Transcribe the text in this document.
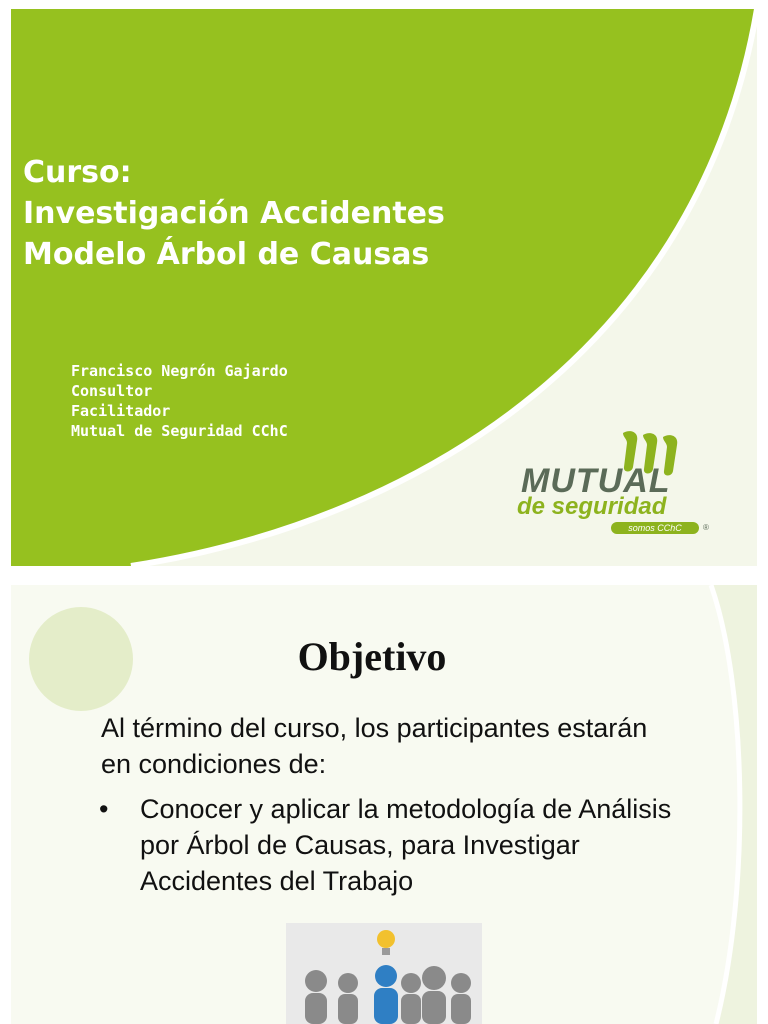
Curso:
Investigación Accidentes
Modelo Árbol de Causas
Francisco Negrón Gajardo
Consultor
Facilitador
Mutual de Seguridad CChC
MUTUAL
de seguridad
somos CChC	®
Objetivo
Al término del curso, los participantes estarán en condiciones de:
• Conocer y aplicar la metodología de Análisis por Árbol de Causas, para Investigar Accidentes del Trabajo
